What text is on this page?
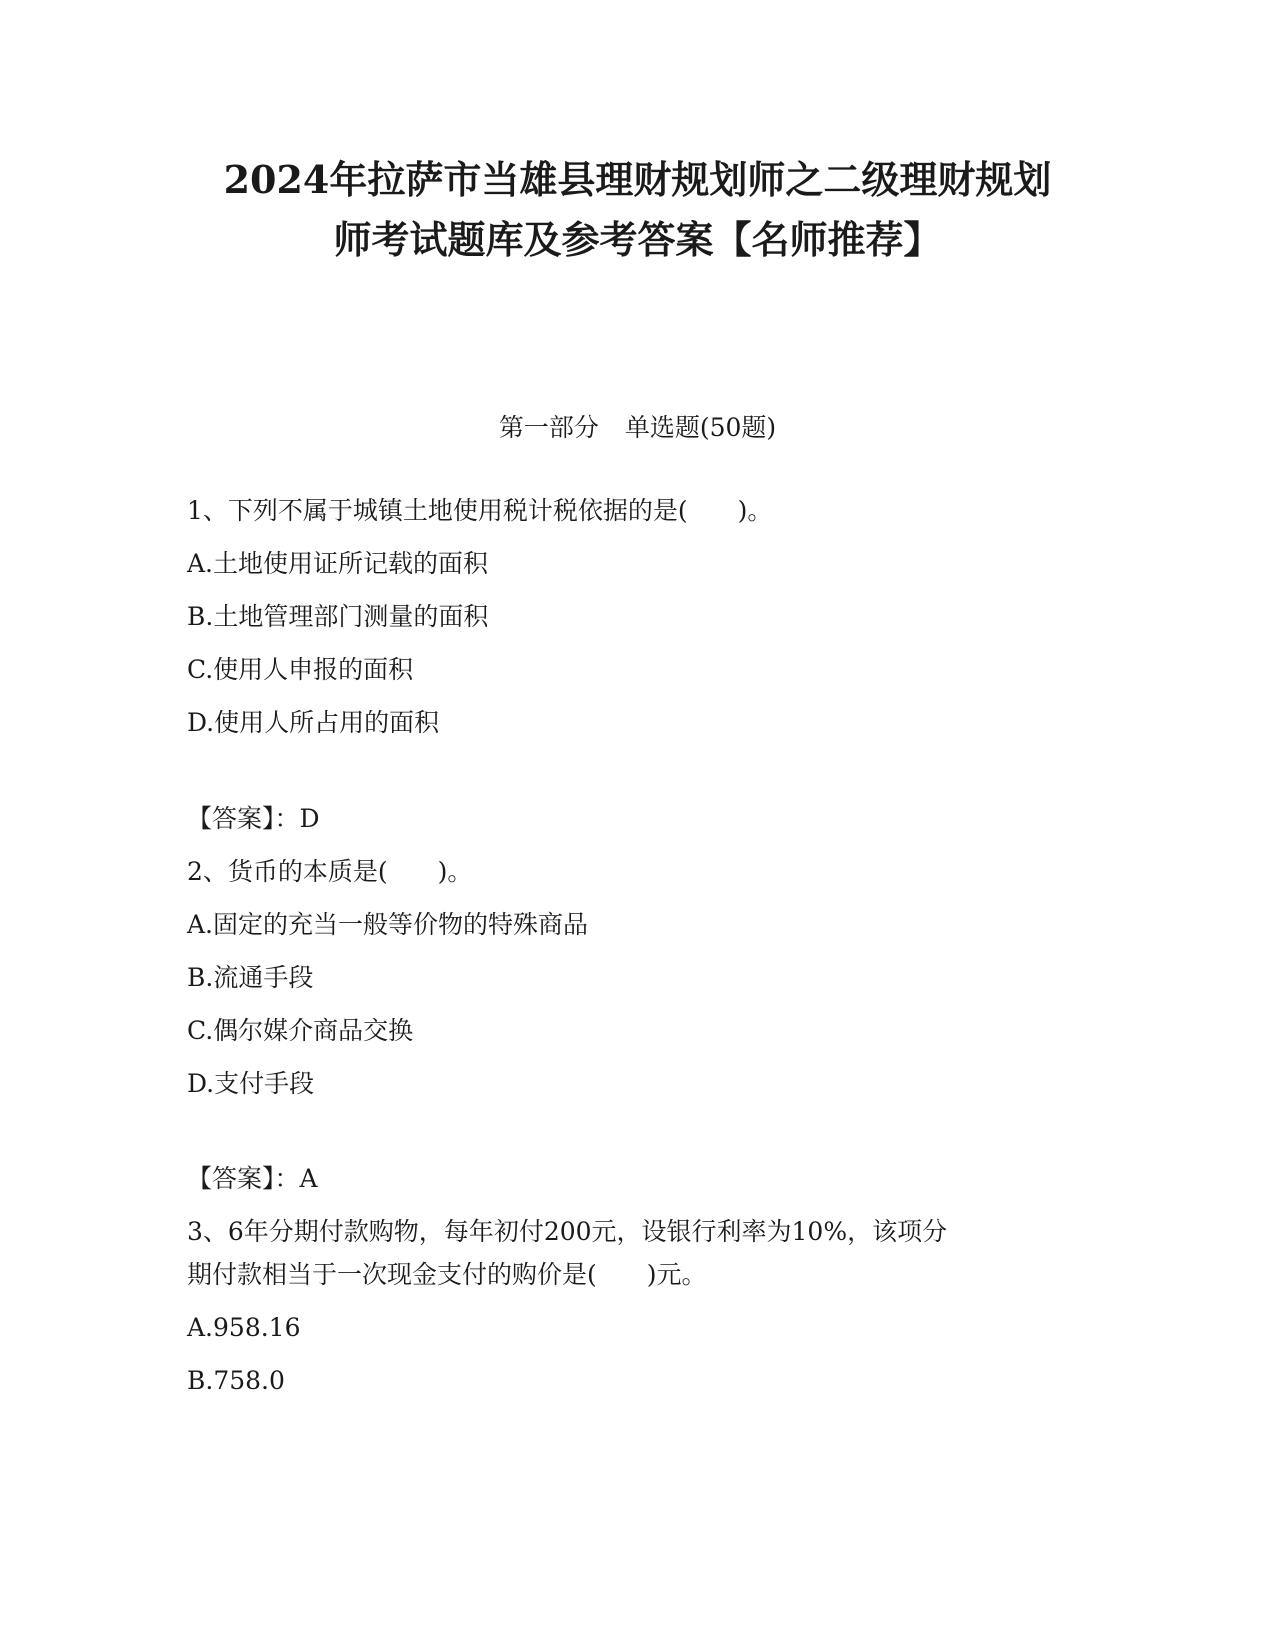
2024年拉萨市当雄县理财规划师之二级理财规划
师考试题库及参考答案【名师推荐】
第一部分 单选题(50题)

1、下列不属于城镇土地使用税计税依据的是(　　)。

A.土地使用证所记载的面积

B.土地管理部门测量的面积

C.使用人申报的面积

D.使用人所占用的面积

【答案】：D

2、货币的本质是(　　)。

A.固定的充当一般等价物的特殊商品

B.流通手段

C.偶尔媒介商品交换

D.支付手段

【答案】：A

3、6年分期付款购物，每年初付200元，设银行利率为10%，该项分

期付款相当于一次现金支付的购价是(　　)元。

A.958.16

B.758.0
